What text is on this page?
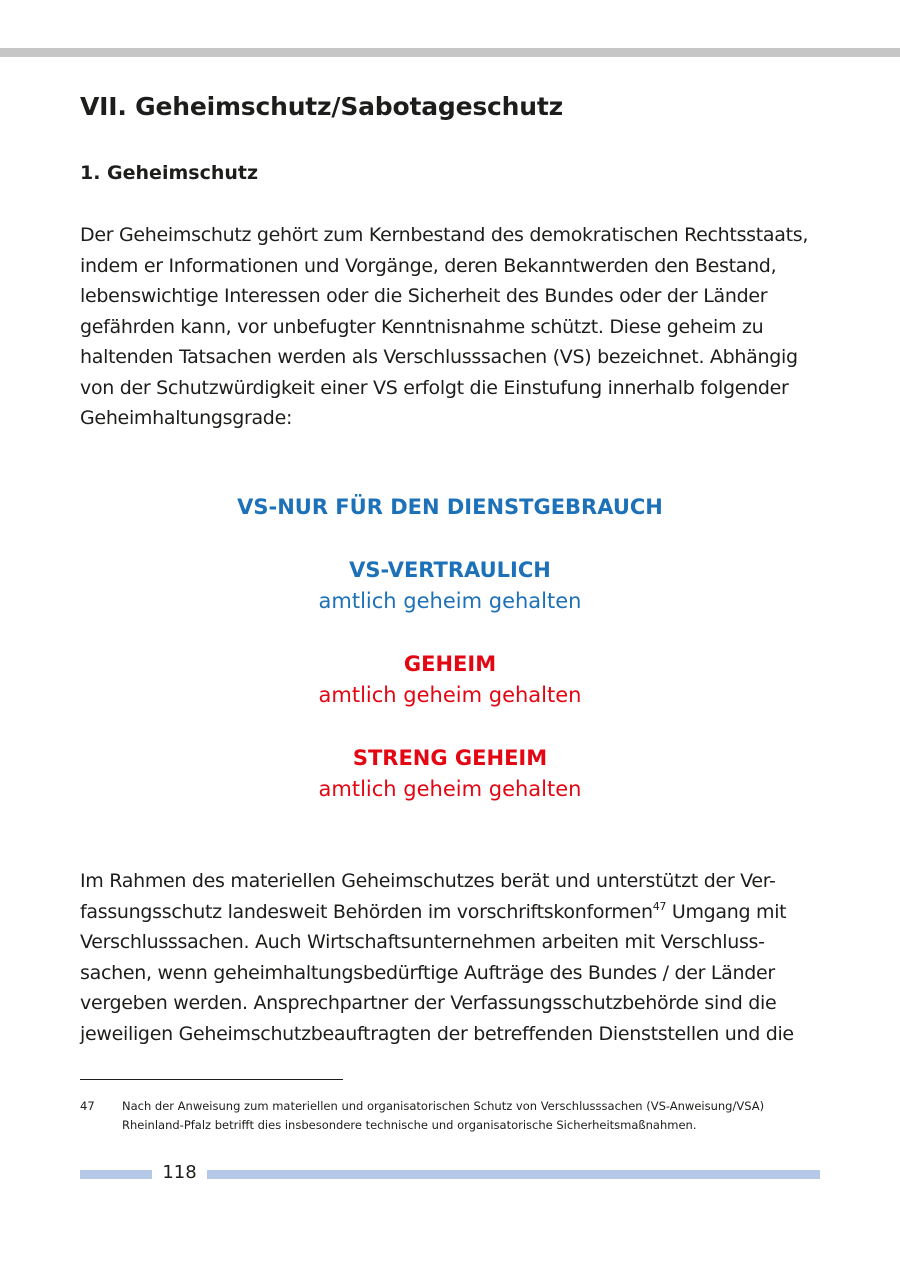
VII. Geheimschutz/Sabotageschutz
1. Geheimschutz
Der Geheimschutz gehört zum Kernbestand des demokratischen Rechtsstaats,
indem er Informationen und Vorgänge, deren Bekanntwerden den Bestand,
lebenswichtige Interessen oder die Sicherheit des Bundes oder der Länder
gefährden kann, vor unbefugter Kenntnisnahme schützt. Diese geheim zu
haltenden Tatsachen werden als Verschlusssachen (VS) bezeichnet. Abhängig
von der Schutzwürdigkeit einer VS erfolgt die Einstufung innerhalb folgender
Geheimhaltungsgrade:
VS-NUR FÜR DEN DIENSTGEBRAUCH
VS-VERTRAULICH
amtlich geheim gehalten
GEHEIM
amtlich geheim gehalten
STRENG GEHEIM
amtlich geheim gehalten
Im Rahmen des materiellen Geheimschutzes berät und unterstützt der Ver-
fassungsschutz landesweit Behörden im vorschriftskonformen$^{47}$ Umgang mit
Verschlusssachen. Auch Wirtschaftsunternehmen arbeiten mit Verschluss-
sachen, wenn geheimhaltungsbedürftige Aufträge des Bundes / der Länder
vergeben werden. Ansprechpartner der Verfassungsschutzbehörde sind die
jeweiligen Geheimschutzbeauftragten der betreffenden Dienststellen und die
47 Nach der Anweisung zum materiellen und organisatorischen Schutz von Verschlusssachen (VS-Anweisung/VSA)
Rheinland-Pfalz betrifft dies insbesondere technische und organisatorische Sicherheitsmaßnahmen.
118
